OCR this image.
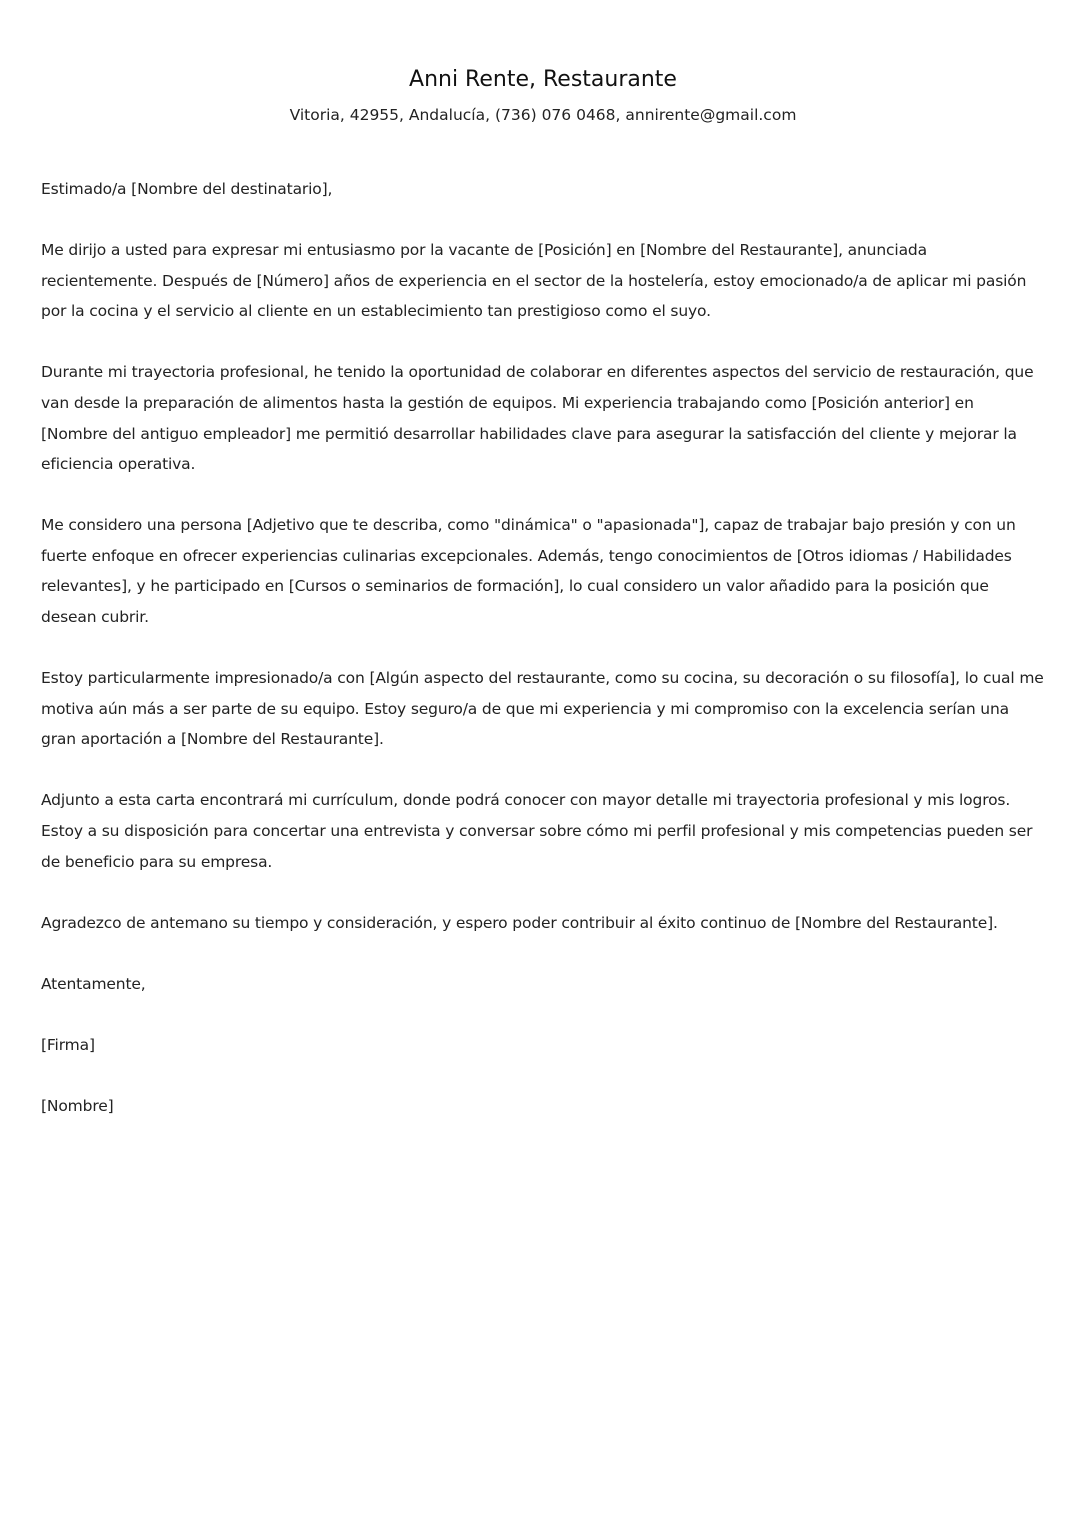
Anni Rente, Restaurante
Vitoria, 42955, Andalucía, (736) 076 0468, annirente@gmail.com

Estimado/a [Nombre del destinatario],

Me dirijo a usted para expresar mi entusiasmo por la vacante de [Posición] en [Nombre del Restaurante], anunciada recientemente. Después de [Número] años de experiencia en el sector de la hostelería, estoy emocionado/a de aplicar mi pasión por la cocina y el servicio al cliente en un establecimiento tan prestigioso como el suyo.

Durante mi trayectoria profesional, he tenido la oportunidad de colaborar en diferentes aspectos del servicio de restauración, que van desde la preparación de alimentos hasta la gestión de equipos. Mi experiencia trabajando como [Posición anterior] en [Nombre del antiguo empleador] me permitió desarrollar habilidades clave para asegurar la satisfacción del cliente y mejorar la eficiencia operativa.

Me considero una persona [Adjetivo que te describa, como "dinámica" o "apasionada"], capaz de trabajar bajo presión y con un fuerte enfoque en ofrecer experiencias culinarias excepcionales. Además, tengo conocimientos de [Otros idiomas / Habilidades relevantes], y he participado en [Cursos o seminarios de formación], lo cual considero un valor añadido para la posición que desean cubrir.

Estoy particularmente impresionado/a con [Algún aspecto del restaurante, como su cocina, su decoración o su filosofía], lo cual me motiva aún más a ser parte de su equipo. Estoy seguro/a de que mi experiencia y mi compromiso con la excelencia serían una gran aportación a [Nombre del Restaurante].

Adjunto a esta carta encontrará mi currículum, donde podrá conocer con mayor detalle mi trayectoria profesional y mis logros. Estoy a su disposición para concertar una entrevista y conversar sobre cómo mi perfil profesional y mis competencias pueden ser de beneficio para su empresa.

Agradezco de antemano su tiempo y consideración, y espero poder contribuir al éxito continuo de [Nombre del Restaurante].

Atentamente,

[Firma]

[Nombre]
